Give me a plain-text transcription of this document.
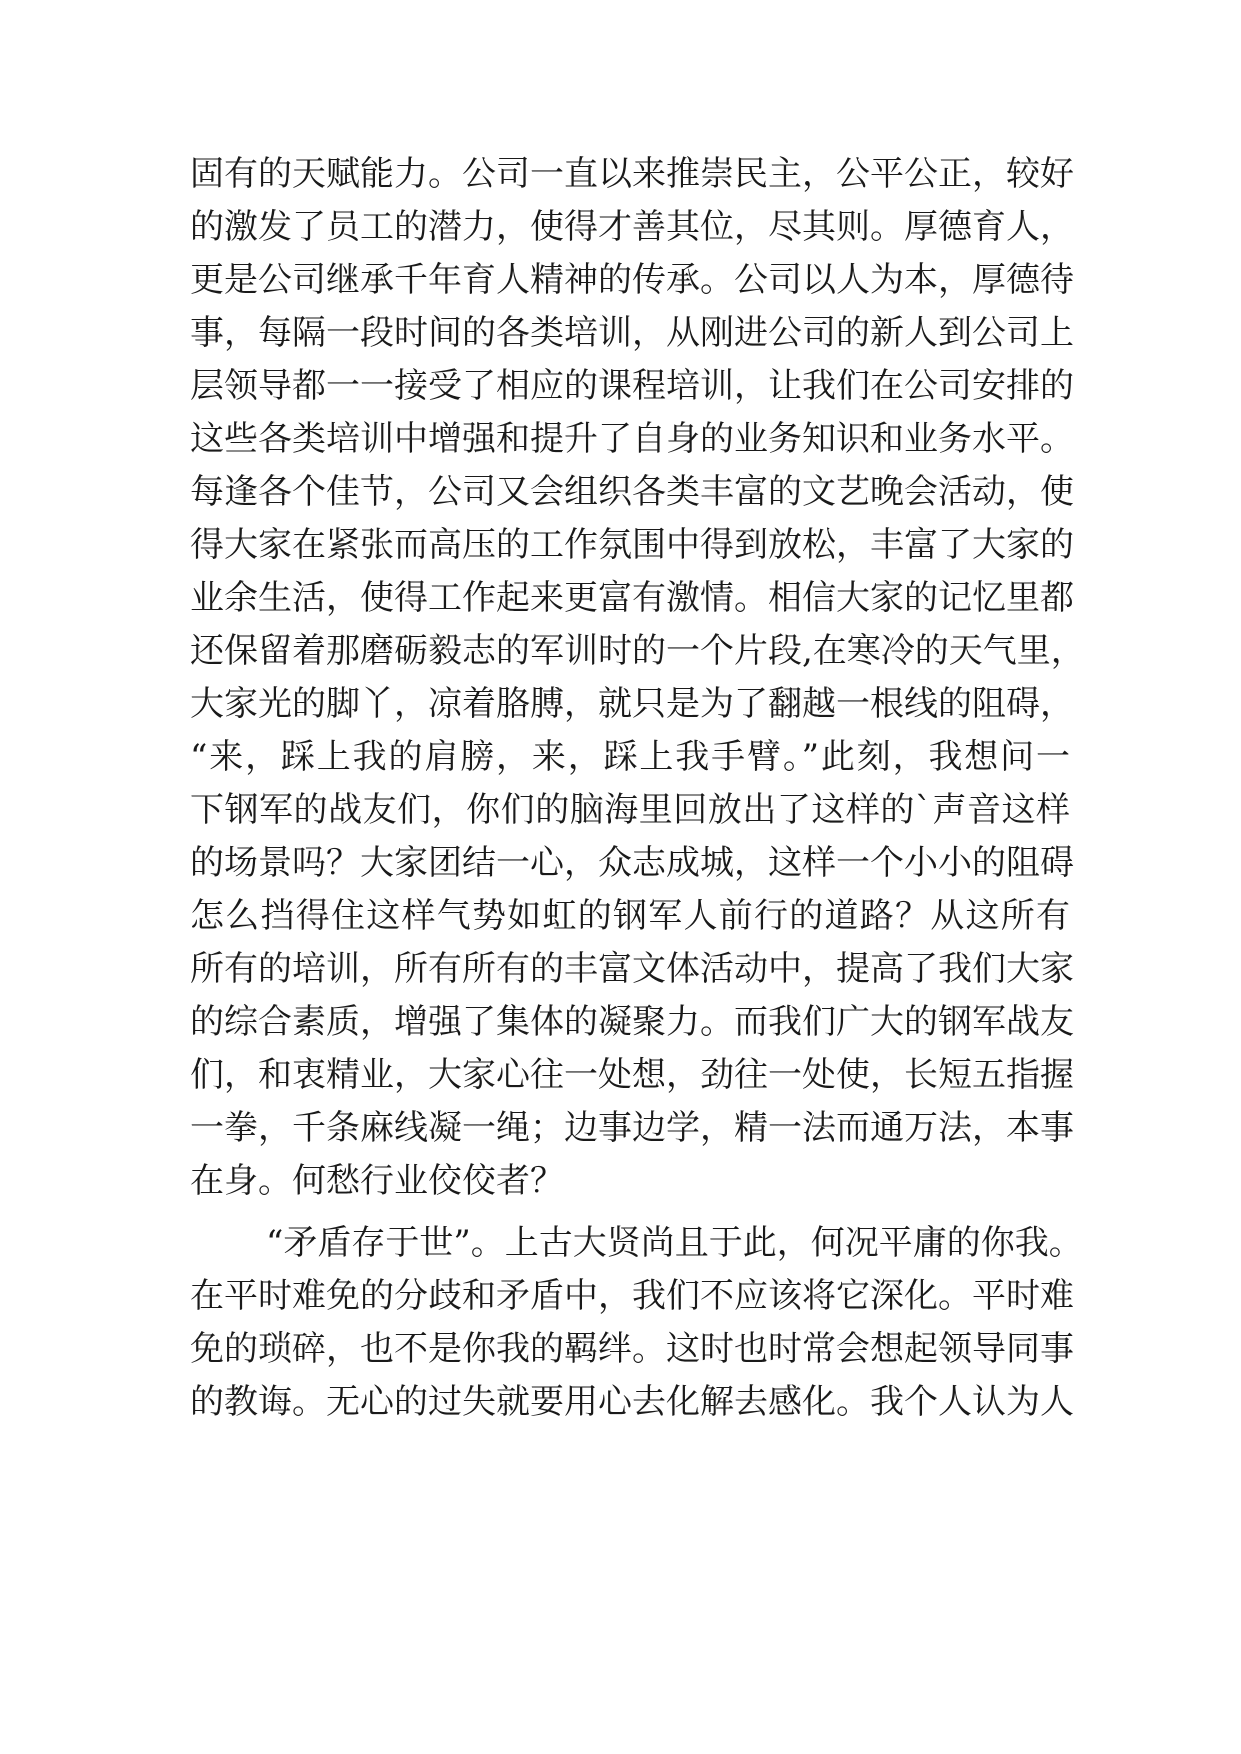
固有的天赋能力。公司一直以来推崇民主，公平公正，较好
的激发了员工的潜力，使得才善其位，尽其则。厚德育人，
更是公司继承千年育人精神的传承。公司以人为本，厚德待
事，每隔一段时间的各类培训，从刚进公司的新人到公司上
层领导都一一接受了相应的课程培训，让我们在公司安排的
这些各类培训中增强和提升了自身的业务知识和业务水平。
每逢各个佳节，公司又会组织各类丰富的文艺晚会活动，使
得大家在紧张而高压的工作氛围中得到放松，丰富了大家的
业余生活，使得工作起来更富有激情。相信大家的记忆里都
还保留着那磨砺毅志的军训时的一个片段,在寒冷的天气里，
大家光的脚丫，凉着胳膊，就只是为了翻越一根线的阻碍，
“来，踩上我的肩膀，来，踩上我手臂。”此刻，我想问一
下钢军的战友们，你们的脑海里回放出了这样的`声音这样
的场景吗？大家团结一心，众志成城，这样一个小小的阻碍
怎么挡得住这样气势如虹的钢军人前行的道路？从这所有
所有的培训，所有所有的丰富文体活动中，提高了我们大家
的综合素质，增强了集体的凝聚力。而我们广大的钢军战友
们，和衷精业，大家心往一处想，劲往一处使，长短五指握
一拳，千条麻线凝一绳；边事边学，精一法而通万法，本事
在身。何愁行业佼佼者？
“矛盾存于世”。上古大贤尚且于此，何况平庸的你我。
在平时难免的分歧和矛盾中，我们不应该将它深化。平时难
免的琐碎，也不是你我的羁绊。这时也时常会想起领导同事
的教诲。无心的过失就要用心去化解去感化。我个人认为人
